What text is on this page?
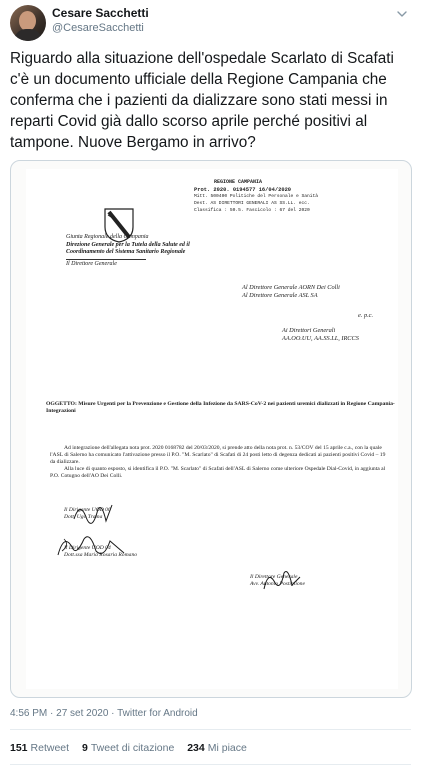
Cesare Sacchetti
@CesareSacchetti

Riguardo alla situazione dell'ospedale Scarlato di Scafati c'è un documento ufficiale della Regione Campania che conferma che i pazienti da dializzare sono stati messi in reparti Covid già dallo scorso aprile perché positivi al tampone. Nuove Bergamo in arrivo?

REGIONE CAMPANIA
Prot. 2020. 0194577 16/04/2020
Mitt. 500400 Politiche del Personale e Sanità
Dest. AS DIRETTORI GENERALI AS SS.LL. ecc.
Classifica : 50.5. Fascicolo : 67 del 2020
Giunta Regionale della Campania
Direzione Generale per la Tutela della Salute ed il
Coordinamento del Sistema Sanitario Regionale
Il Direttore Generale
Al Direttore Generale AORN Dei Colli
Al Direttore Generale ASL SA
e. p.c.
Ai Direttori Generali
AA.OO.UU, AA.SS.LL, IRCCS
OGGETTO: Misure Urgenti per la Prevenzione e Gestione della Infezione da SARS-CoV-2 nei pazienti uremici dializzati in Regione Campania- Integrazioni
Ad integrazione dell'allegata nota prot. 2020 0168782 del 20/03/2020, si prende atto della nota prot. n. 53/COV del 15 aprile c.a., con la quale l'ASL di Salerno ha comunicato l'attivazione presso il P.O. "M. Scarlato" di Scafati di 24 posti letto di degenza dedicati ai pazienti positivi Covid – 19 da dializzare.
Alla luce di quanto esposto, si identifica il P.O. "M. Scarlato" di Scafati dell'ASL di Salerno come ulteriore Ospedale Dial-Covid, in aggiunta al P.O. Cotugno dell'AO Dei Colli.
Il Dirigente UOD 06
Dott. Ugo Trama
Il Dirigente UOD 04
Dott.ssa Maria Rosaria Romano
Il Direttore Generale
Avv. Antonio Postiglione
4:56 PM · 27 set 2020 · Twitter for Android
151 Retweet 9 Tweet di citazione 234 Mi piace
